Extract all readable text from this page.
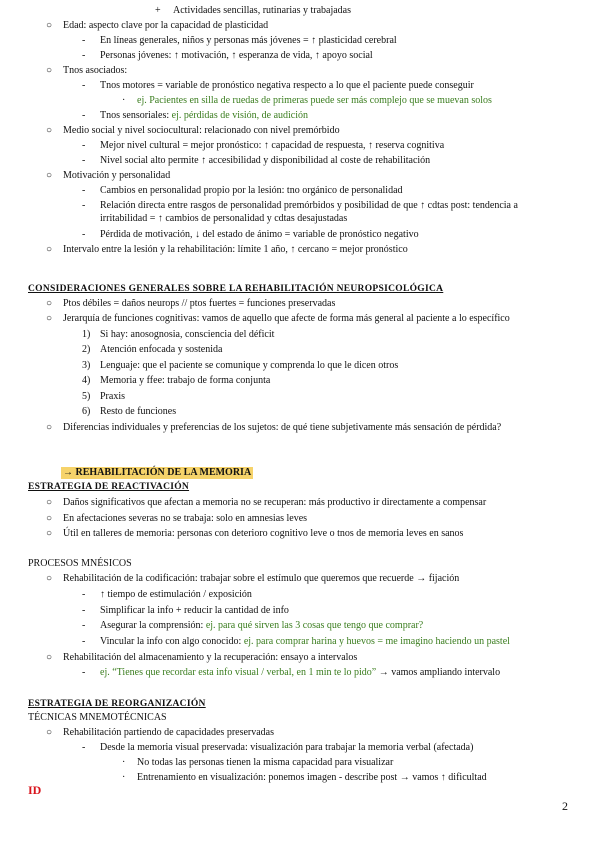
+ Actividades sencillas, rutinarias y trabajadas
○ Edad: aspecto clave por la capacidad de plasticidad
- En líneas generales, niños y personas más jóvenes = ↑ plasticidad cerebral
- Personas jóvenes: ↑ motivación, ↑ esperanza de vida, ↑ apoyo social
○ Tnos asociados:
- Tnos motores = variable de pronóstico negativa respecto a lo que el paciente puede conseguir
· ej. Pacientes en silla de ruedas de primeras puede ser más complejo que se muevan solos
- Tnos sensoriales: ej. pérdidas de visión, de audición
○ Medio social y nivel sociocultural: relacionado con nivel premórbido
- Mejor nivel cultural = mejor pronóstico: ↑ capacidad de respuesta, ↑ reserva cognitiva
- Nivel social alto permite ↑ accesibilidad y disponibilidad al coste de rehabilitación
○ Motivación y personalidad
- Cambios en personalidad propio por la lesión: tno orgánico de personalidad
- Relación directa entre rasgos de personalidad premórbidos y posibilidad de que ↑ cdtas post: tendencia a
irritabilidad = ↑ cambios de personalidad y cdtas desajustadas
- Pérdida de motivación, ↓ del estado de ánimo = variable de pronóstico negativo
○ Intervalo entre la lesión y la rehabilitación: límite 1 año, ↑ cercano = mejor pronóstico
CONSIDERACIONES GENERALES SOBRE LA REHABILITACIÓN NEUROPSICOLÓGICA
○ Ptos débiles = daños neurops // ptos fuertes = funciones preservadas
○ Jerarquía de funciones cognitivas: vamos de aquello que afecte de forma más general al paciente a lo específico
1) Si hay: anosognosia, consciencia del déficit
2) Atención enfocada y sostenida
3) Lenguaje: que el paciente se comunique y comprenda lo que le dicen otros
4) Memoria y ffee: trabajo de forma conjunta
5) Praxis
6) Resto de funciones
○ Diferencias individuales y preferencias de los sujetos: de qué tiene subjetivamente más sensación de pérdida?
→ REHABILITACIÓN DE LA MEMORIA
ESTRATEGIA DE REACTIVACIÓN
○ Daños significativos que afectan a memoria no se recuperan: más productivo ir directamente a compensar
○ En afectaciones severas no se trabaja: solo en amnesias leves
○ Útil en talleres de memoria: personas con deterioro cognitivo leve o tnos de memoria leves en sanos
PROCESOS MNÉSICOS
○ Rehabilitación de la codificación: trabajar sobre el estímulo que queremos que recuerde → fijación
- ↑ tiempo de estimulación / exposición
- Simplificar la info + reducir la cantidad de info
- Asegurar la comprensión: ej. para qué sirven las 3 cosas que tengo que comprar?
- Vincular la info con algo conocido: ej. para comprar harina y huevos = me imagino haciendo un pastel
○ Rehabilitación del almacenamiento y la recuperación: ensayo a intervalos
- ej. “Tienes que recordar esta info visual / verbal, en 1 min te lo pido” → vamos ampliando intervalo
ESTRATEGIA DE REORGANIZACIÓN
TÉCNICAS MNEMOTÉCNICAS
○ Rehabilitación partiendo de capacidades preservadas
- Desde la memoria visual preservada: visualización para trabajar la memoria verbal (afectada)
· No todas las personas tienen la misma capacidad para visualizar
· Entrenamiento en visualización: ponemos imagen - describe post → vamos ↑ dificultad
ID
2
